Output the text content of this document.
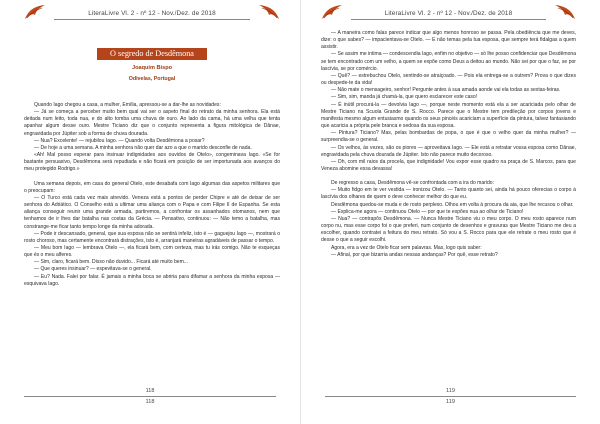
LiteraLivre Vl. 2 - nº 12 - Nov./Dez. de 2018
O segredo de Desdêmona
Joaquim Bispo
Odivelas, Portugal

Quando Iago chegou a casa, a mulher, Emília, apressou-se a dar-lhe as novidades:

— Já se começa a perceber muito bem qual vai ser o aspeto final do retrato da minha senhora. Ela está deitada num leito, toda nua, e do alto tomba uma chuva de ouro. Ao lado da cama, há uma velha que tenta apanhar algum desse ouro. Mestre Ticiano diz que o conjunto representa a figura mitológica de Dânae, engravidada por Júpiter sob a forma de chuva dourada.

— Nua? Excelente! — rejubilou Iago. — Quando volta Desdêmona a posar?

— De hoje a uma semana. A minha senhora não quer dar azo a que o marido desconfie de nada.

«Ah! Mal posso esperar para insinuar indignidades aos ouvidos de Otelo», congeminava Iago. «Se for bastante persuasivo, Desdêmona será repudiada e não ficará em posição de ser importunada aos avanços do meu protegido Rodrigo.»

Uma semana depois, em casa do general Otelo, este desabafa com Iago algumas das aspetos militares que o preocupam:

— O Turco está cada vez mais atrevido. Veneza está a pontos de perder Chipre e até de deixar de ser senhora do Adriático. O Conselho está a ultimar uma aliança com o Papa e com Filipe II de Espanha. Se esta aliança conseguir reunir uma grande armada, partiremos, a confrontar os assanhados otomanos, nem que tenhamos de ir lhes dar batalha nas costas da Grécia. — Pensativo, continuou: — Não temo a batalha, mas constrange-me ficar tanto tempo longe da minha adorada.

— Pode ir descansado, general, que sua esposa não se sentirá infeliz, isto é — gaguejou Iago —, mostrará o rosto choroso, mas certamente encontrará distrações, isto é, arranjará maneiras agradáveis de passar o tempo.

— Meu bom Iago — lembrava Otelo —, ela ficará bem, com certeza, mas tu irás comigo. Não te esqueças que és o meu alferes.

— Sim, claro, ficará bem. Disso não duvido... Ficará até muito bem...

— Que queres insinuar? — espevitava-se o general.

— Eu? Nada. Falei por falar. É jamais a minha boca se abriria para difamar a senhora da minha esposa — esquivava Iago.

118
118
LiteraLivre Vl. 2 - nº 12 - Nov./Dez. de 2018

— A maneira como falas parece indicar que algo menos honroso se passa. Pela obediência que me deves, dize: o que sabes? — impacientava-se Otelo. — E não temas pela tua esposa, que sempre terá fidalgas a quem assistir.

— Se assim me intima — condescendia Iago, enfim no objetivo — só lhe posso confidenciar que Desdêmona se tem encontrado com um velho, a quem se expõe como Deus a deitou ao mundo. Não sei por que o faz, se por lascívia, se por comércio.

— Quê? — estrebuchou Otelo, sentindo-se atraiçoado. — Pois ela entrega-se a outrem? Prova o que dizes ou despede-te da vida!

— Não mate o mensageiro, senhor! Pergunte antes à sua amada aonde vai ela todas as sextas-feiras.

— Sim, sim, manda já chamá-la, que quero esclarecer este caso!

— É inútil procurá-la — devolvia Iago —, porque neste momento está ela a ser acariciada pelo olhar de Mestre Ticiano na Scuola Grande de S. Rocco. Parece que o Mestre tem predileção por corpos jovens e manifesta mesmo algum entusiasmo quando os seus pincéis acariciam a superfície da pintura, talvez fantasiando que acaricia a própria pele branca e sedosa da sua esposa.

— Pintura? Ticiano? Mas, pelas bombardas de popa, o que é que o velho quer da minha mulher? — surpreendia-se o general.

— Os velhos, às vezes, são os piores — aproveitava Iago. — Ele está a retratar vossa esposa como Dânae, engravidada pela chuva dourada de Júpiter. Isto não parece muito decoroso.

— Oh, com mil raios da procela, que indignidade! Vou expor esse quadro na praça de S. Marcos, para que Veneza abomine essa devassa!

De regresso a casa, Desdêmona vê-se confrontada com a ira do marido:

— Muito fidgo em te ver vestida — ironizou Otelo. — Tanto quanto sei, ainda há pouco oferecias o corpo à lascívia dos olhares de quem o deve conhecer melhor do que eu.

Desdêmona quedou-se muda e de rosto perplexo. Olhou em volta à procura da aia, que lhe recusou o olhar.

— Explica-me agora — continuou Otelo — por que te expões nua ao olhar de Ticiano!

— Nua? — contrapôs Desdêmona. — Nunca Mestre Ticiano viu o meu corpo. O meu rosto aparece num corpo nu, mas esse corpo foi o que preferi, num conjunto de desenhos e gravuras que Mestre Ticiano me deu a escolher, quando contratei a feitura do meu retrato. Só vou a S. Rocco para que ele retrate o meu rosto que é desse o que a seguir escolhi.

Agora, era a vez de Otelo ficar sem palavras. Mas, logo quis saber:

— Afinal, por que bizarria andas nessas andanças? Por quê, esse retrato?

119
119
